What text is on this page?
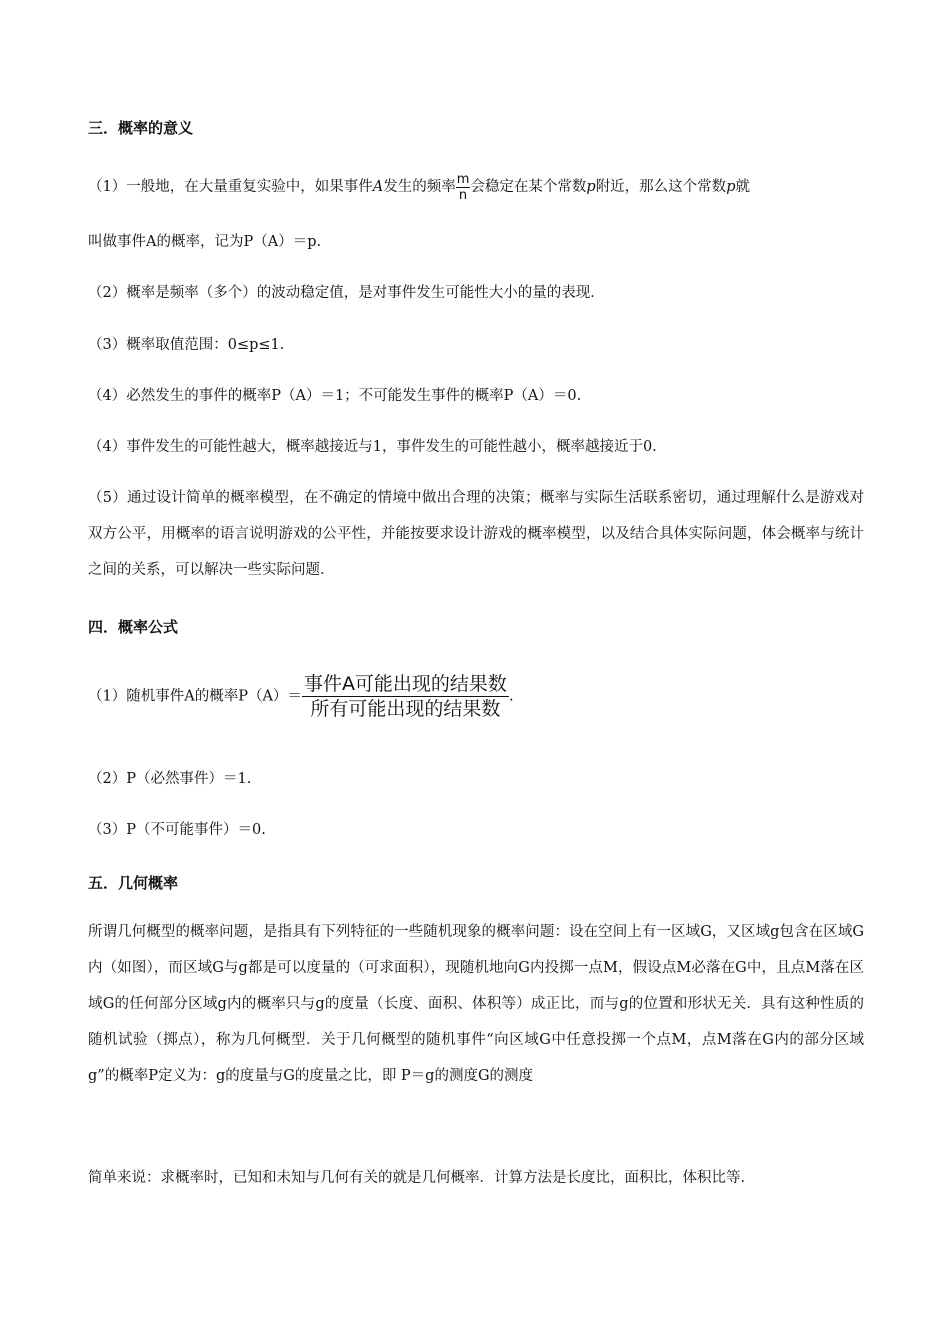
三．概率的意义
（1）一般地，在大量重复实验中，如果事件A发生的频率 $\frac{m}{n}$ 会稳定在某个常数p附近，那么这个常数p就
叫做事件A的概率，记为P（A）＝p.
（2）概率是频率（多个）的波动稳定值，是对事件发生可能性大小的量的表现．
（3）概率取值范围：0≤p≤1.
（4）必然发生的事件的概率P（A）＝1；不可能发生事件的概率P（A）＝0.
（4）事件发生的可能性越大，概率越接近与1，事件发生的可能性越小，概率越接近于0.
（5）通过设计简单的概率模型，在不确定的情境中做出合理的决策；概率与实际生活联系密切，通过理解什么是游戏对双方公平，用概率的语言说明游戏的公平性，并能按要求设计游戏的概率模型，以及结合具体实际问题，体会概率与统计之间的关系，可以解决一些实际问题．
四．概率公式
（1）随机事件A的概率$P(A)= \frac{\text{事件A可能出现的结果数}}{\text{所有可能出现的结果数}}$ .
（2）P（必然事件）＝1.
（3）P（不可能事件）＝0.
五．几何概率
所谓几何概型的概率问题，是指具有下列特征的一些随机现象的概率问题：设在空间上有一区域G，又区域g包含在区域G内（如图），而区域G与g都是可以度量的（可求面积），现随机地向G内投掷一点M，假设点M必落在G中，且点M落在区域G的任何部分区域g内的概率只与g的度量（长度、面积、体积等）成正比，而与g的位置和形状无关．具有这种性质的随机试验（掷点），称为几何概型．关于几何概型的随机事件“向区域G中任意投掷一个点M，点M落在G内的部分区域g”的概率P定义为：g的度量与G的度量之比，即 P＝g的测度G的测度
简单来说：求概率时，已知和未知与几何有关的就是几何概率．计算方法是长度比，面积比，体积比等．
